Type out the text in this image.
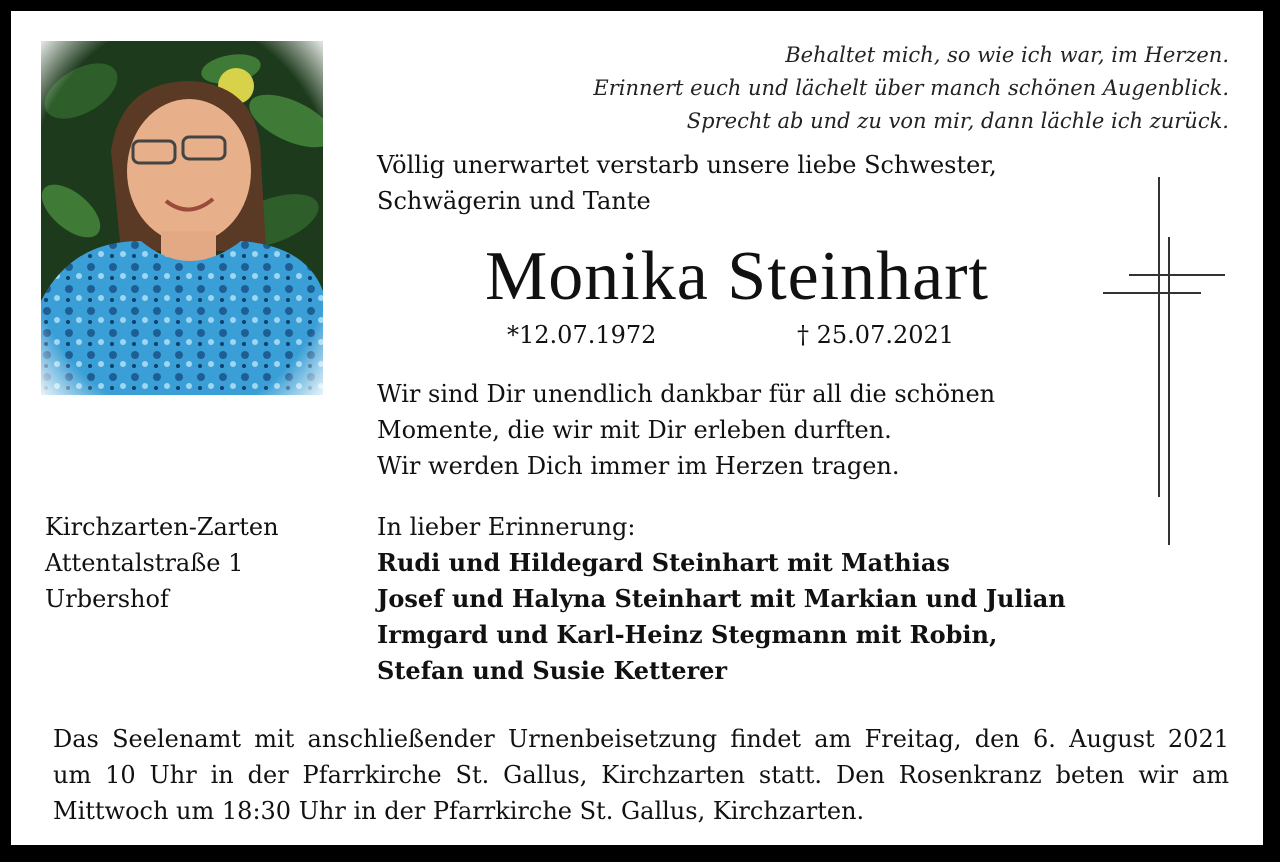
Behaltet mich, so wie ich war, im Herzen.
Erinnert euch und lächelt über manch schönen Augenblick.
Sprecht ab und zu von mir, dann lächle ich zurück.
Völlig unerwartet verstarb unsere liebe Schwester,
Schwägerin und Tante
Monika Steinhart
*12.07.1972	† 25.07.2021
Wir sind Dir unendlich dankbar für all die schönen
Momente, die wir mit Dir erleben durften.
Wir werden Dich immer im Herzen tragen.
Kirchzarten-Zarten
Attentalstraße 1
Urbershof
In lieber Erinnerung:
Rudi und Hildegard Steinhart mit Mathias
Josef und Halyna Steinhart mit Markian und Julian
Irmgard und Karl-Heinz Stegmann mit Robin,
Stefan und Susie Ketterer
Das Seelenamt mit anschließender Urnenbeisetzung findet am Freitag, den 6. August 2021
um 10 Uhr in der Pfarrkirche St. Gallus, Kirchzarten statt. Den Rosenkranz beten wir am
Mittwoch um 18:30 Uhr in der Pfarrkirche St. Gallus, Kirchzarten.
